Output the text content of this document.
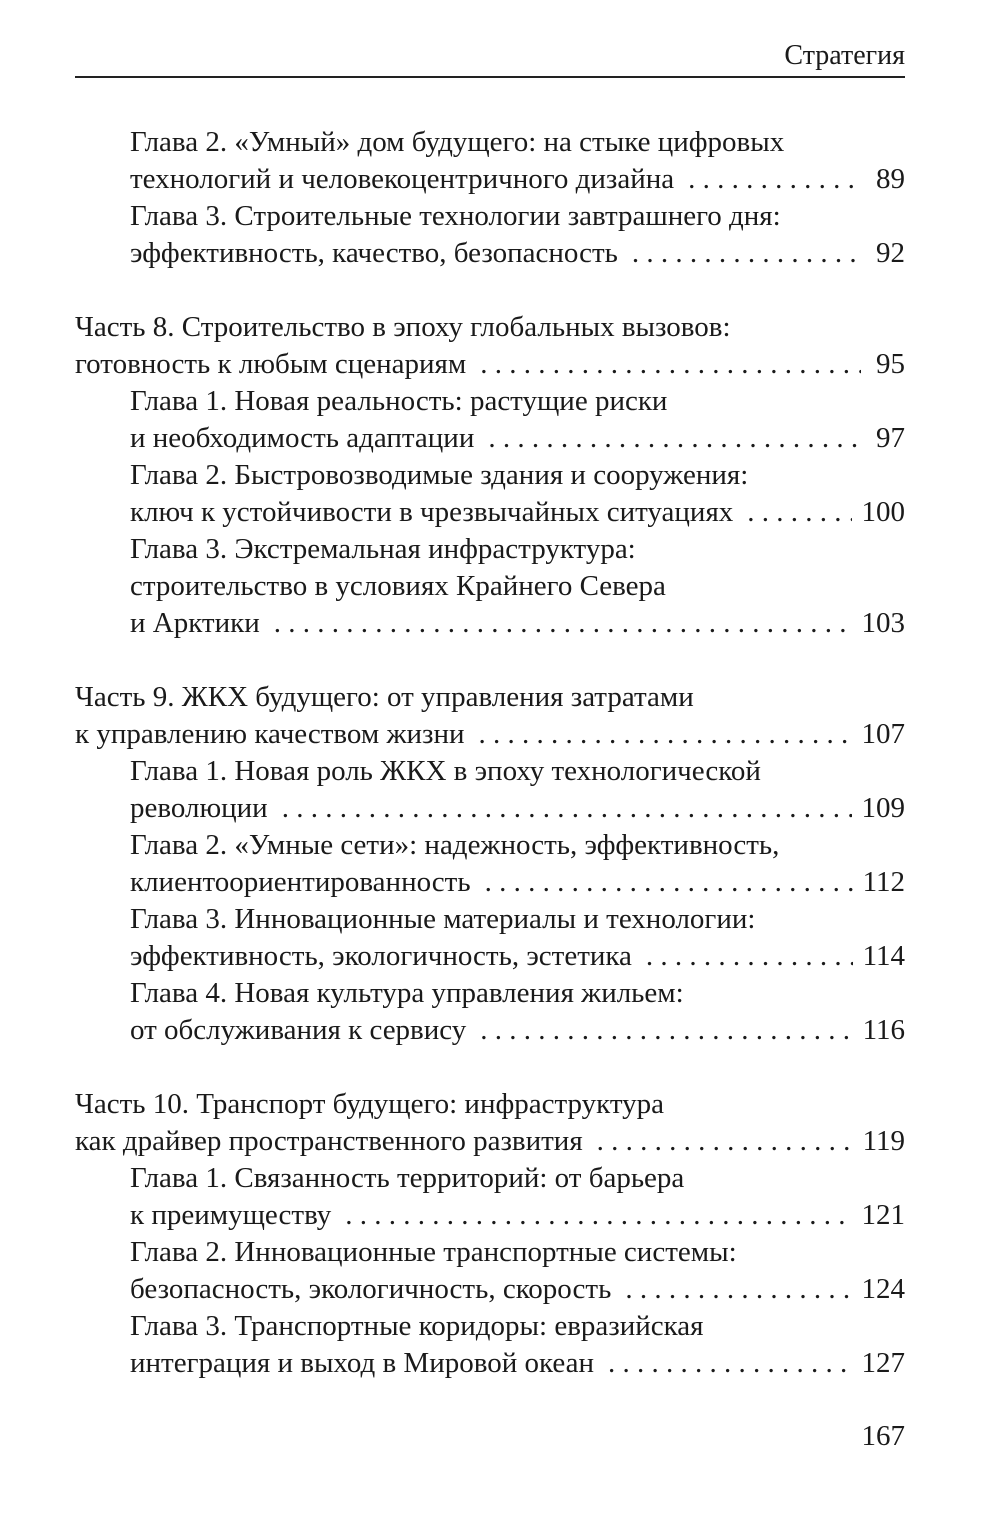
Стратегия
Глава 2. «Умный» дом будущего: на стыке цифровых
технологий и человекоцентричного дизайна . . .	89
Глава 3. Строительные технологии завтрашнего дня:
эффективность, качество, безопасность . . .	92
Часть 8. Строительство в эпоху глобальных вызовов:
готовность к любым сценариям . . .	95
Глава 1. Новая реальность: растущие риски
и необходимость адаптации . . .	97
Глава 2. Быстровозводимые здания и сооружения:
ключ к устойчивости в чрезвычайных ситуациях . . .	100
Глава 3. Экстремальная инфраструктура:
строительство в условиях Крайнего Севера
и Арктики . . .	103
Часть 9. ЖКХ будущего: от управления затратами
к управлению качеством жизни . . .	107
Глава 1. Новая роль ЖКХ в эпоху технологической
революции . . .	109
Глава 2. «Умные сети»: надежность, эффективность,
клиентоориентированность . . .	112
Глава 3. Инновационные материалы и технологии:
эффективность, экологичность, эстетика . . .	114
Глава 4. Новая культура управления жильем:
от обслуживания к сервису . . .	116
Часть 10. Транспорт будущего: инфраструктура
как драйвер пространственного развития . . .	119
Глава 1. Связанность территорий: от барьера
к преимуществу . . .	121
Глава 2. Инновационные транспортные системы:
безопасность, экологичность, скорость . . .	124
Глава 3. Транспортные коридоры: евразийская
интеграция и выход в Мировой океан . . .	127
167
